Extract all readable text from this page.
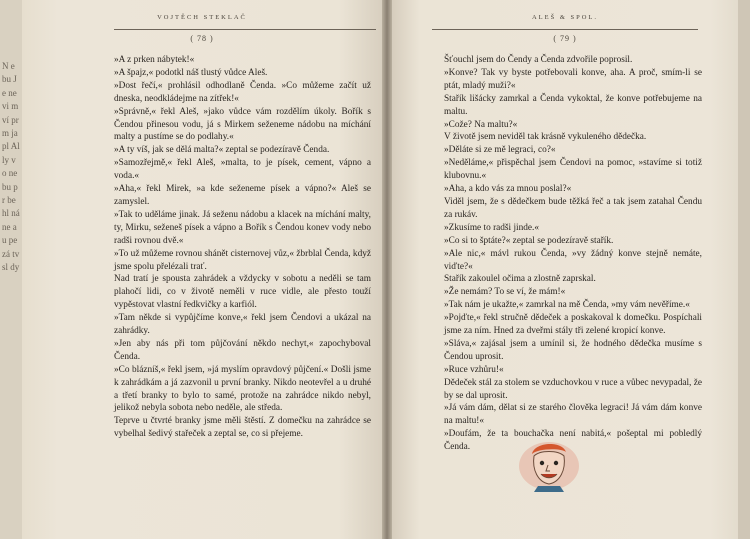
N e bu Je ne vi m ví pr m ja pl Al ly vo ne bu pr be hl ná ne au pe zá tv sl dy
VOJTĚCH STEKLAČ
( 78 )

»A z prken nábytek!«

»A špajz,« podotkl náš tlustý vůdce Aleš.

»Dost řečí,« prohlásil odhodlaně Čenda. »Co můžeme začít už dneska, neodkládejme na zítřek!«

»Správně,« řekl Aleš, »jako vůdce vám rozdělím úkoly. Bořík s Čendou přinesou vodu, já s Mirkem seženeme nádobu na míchání malty a pustíme se do podlahy.«

»A ty víš, jak se dělá malta?« zeptal se podezíravě Čenda.

»Samozřejmě,« řekl Aleš, »malta, to je písek, cement, vápno a voda.«

»Aha,« řekl Mirek, »a kde seženeme písek a vápno?« Aleš se zamyslel.

»Tak to uděláme jinak. Já seženu nádobu a klacek na míchání malty, ty, Mirku, seženeš písek a vápno a Bořík s Čendou konev vody nebo radši rovnou dvě.«

»To už můžeme rovnou shánět cisternovej vůz,« žbrblal Čenda, když jsme spolu přelézali trať.

Nad tratí je spousta zahrádek a vždycky v sobotu a neděli se tam plahočí lidi, co v životě neměli v ruce vidle, ale přesto touží vypěstovat vlastní ředkvičky a karfiól.

»Tam někde si vypůjčíme konve,« řekl jsem Čendovi a ukázal na zahrádky.

»Jen aby nás při tom půjčování někdo nechyt,« zapochyboval Čenda.

»Co blázníš,« řekl jsem, »já myslím opravdový půjčení.« Došli jsme k zahrádkám a já zazvonil u první branky. Nikdo neotevřel a u druhé a třetí branky to bylo to samé, protože na zahrádce nikdo nebyl, jelikož nebyla sobota nebo neděle, ale středa.

Teprve u čtvrté branky jsme měli štěstí. Z domečku na zahrádce se vybelhal šedivý stařeček a zeptal se, co si přejeme.

ALEŠ & SPOL.
( 79 )

Šťouchl jsem do Čendy a Čenda zdvořile poprosil.

»Konve? Tak vy byste potřebovali konve, aha. A proč, smím-li se ptát, mladý muži?«

Stařík lišácky zamrkal a Čenda vykoktal, že konve potřebujeme na maltu.

»Cože? Na maltu?«

V životě jsem neviděl tak krásně vykuleného dědečka.

»Děláte si ze mě legraci, co?«

»Nedělámе,« přispěchal jsem Čendovi na pomoc, »stavíme si totiž klubovnu.«

»Aha, a kdo vás za mnou poslal?«

Viděl jsem, že s dědečkem bude těžká řeč a tak jsem zatahal Čendu za rukáv.

»Zkusíme to radši jinde.«

»Co si to šptáte?« zeptal se podezíravě stařík.

»Ale nic,« mávl rukou Čenda, »vy žádný konve stejně nemáte, viďte?«

Stařík zakoulel očima a zlostně zaprskal.

»Že nemám? To se ví, že mám!«

»Tak nám je ukažte,« zamrkal na mě Čenda, »my vám nevěříme.«

»Pojďte,« řekl stručně dědeček a poskakoval k domečku. Pospíchali jsme za ním. Hned za dveřmi stály tři zelené kropicí konve.

»Sláva,« zajásal jsem a umínil si, že hodného dědečka musíme s Čendou uprosit.

»Ruce vzhůru!«

Dědeček stál za stolem se vzduchovkou v ruce a vůbec nevypadal, že by se dal uprosit.

»Já vám dám, dělat si ze starého člověka legraci! Já vám dám konve na maltu!«

»Doufám, že ta bouchačka není nabitá,« pošeptal mi pobledlý Čenda.
